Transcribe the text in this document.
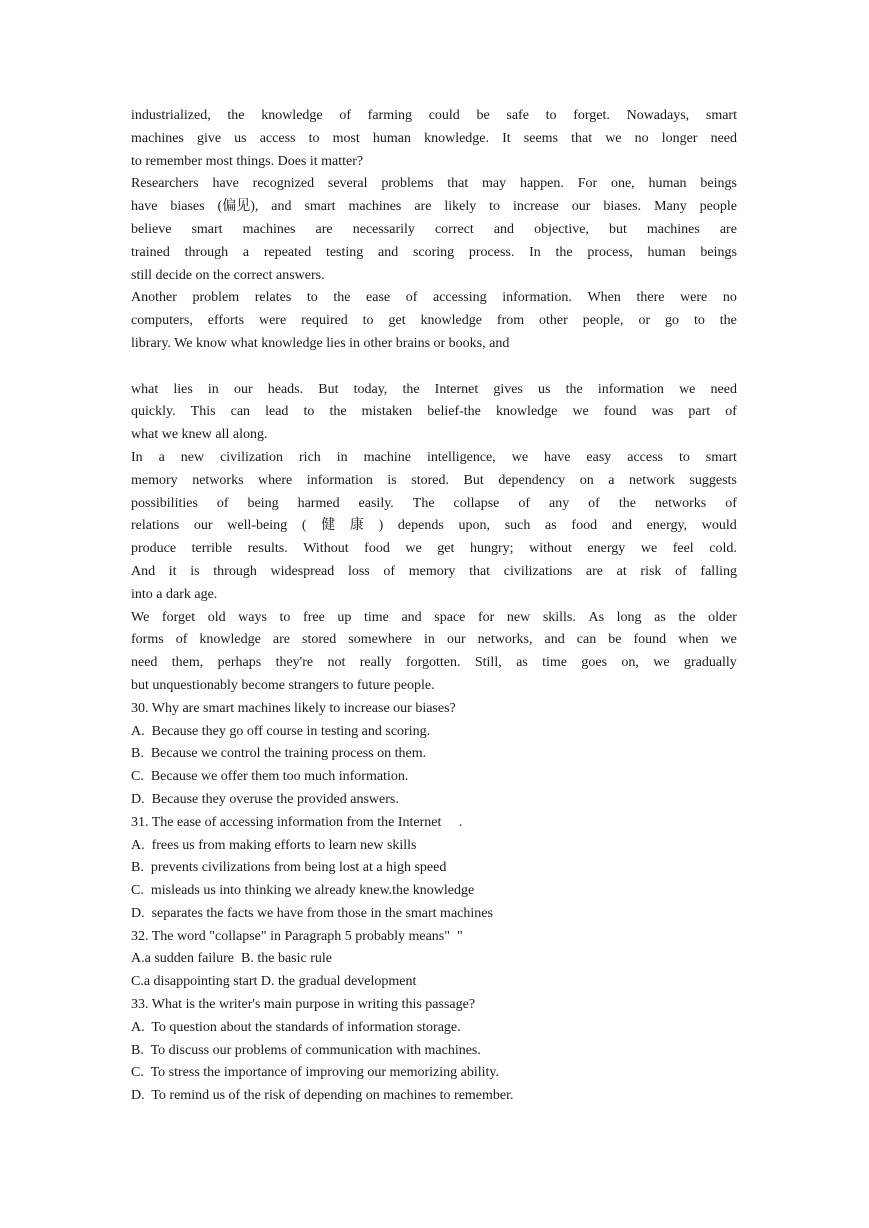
industrialized, the knowledge of farming could be safe to forget. Nowadays, smart
machines give us access to most human knowledge. It seems that we no longer need
to remember most things. Does it matter?
Researchers have recognized several problems that may happen. For one, human beings
have biases (偏见), and smart machines are likely to increase our biases. Many people
believe smart machines are necessarily correct and objective, but machines are
trained through a repeated testing and scoring process. In the process, human beings
still decide on the correct answers.
Another problem relates to the ease of accessing information. When there were no
computers, efforts were required to get knowledge from other people, or go to the
library. We know what knowledge lies in other brains or books, and
what lies in our heads. But today, the Internet gives us the information we need
quickly. This can lead to the mistaken belief-the knowledge we found was part of
what we knew all along.
In a new civilization rich in machine intelligence, we have easy access to smart
memory networks where information is stored. But dependency on a network suggests
possibilities of being harmed easily. The collapse of any of the networks of
relations our well-being ( 健 康 ) depends upon, such as food and energy, would
produce terrible results. Without food we get hungry; without energy we feel cold.
And it is through widespread loss of memory that civilizations are at risk of falling
into a dark age.
We forget old ways to free up time and space for new skills. As long as the older
forms of knowledge are stored somewhere in our networks, and can be found when we
need them, perhaps they're not really forgotten. Still, as time goes on, we gradually
but unquestionably become strangers to future people.
30. Why are smart machines likely to increase our biases?
A.  Because they go off course in testing and scoring.
B.  Because we control the training process on them.
C.  Because we offer them too much information.
D.  Because they overuse the provided answers.
31. The ease of accessing information from the Internet     .
A.  frees us from making efforts to learn new skills
B.  prevents civilizations from being lost at a high speed
C.  misleads us into thinking we already knew.the knowledge
D.  separates the facts we have from those in the smart machines
32. The word "collapse" in Paragraph 5 probably means"  "
A.a sudden failure  B. the basic rule
C.a disappointing start D. the gradual development
33. What is the writer's main purpose in writing this passage?
A.  To question about the standards of information storage.
B.  To discuss our problems of communication with machines.
C.  To stress the importance of improving our memorizing ability.
D.  To remind us of the risk of depending on machines to remember.
